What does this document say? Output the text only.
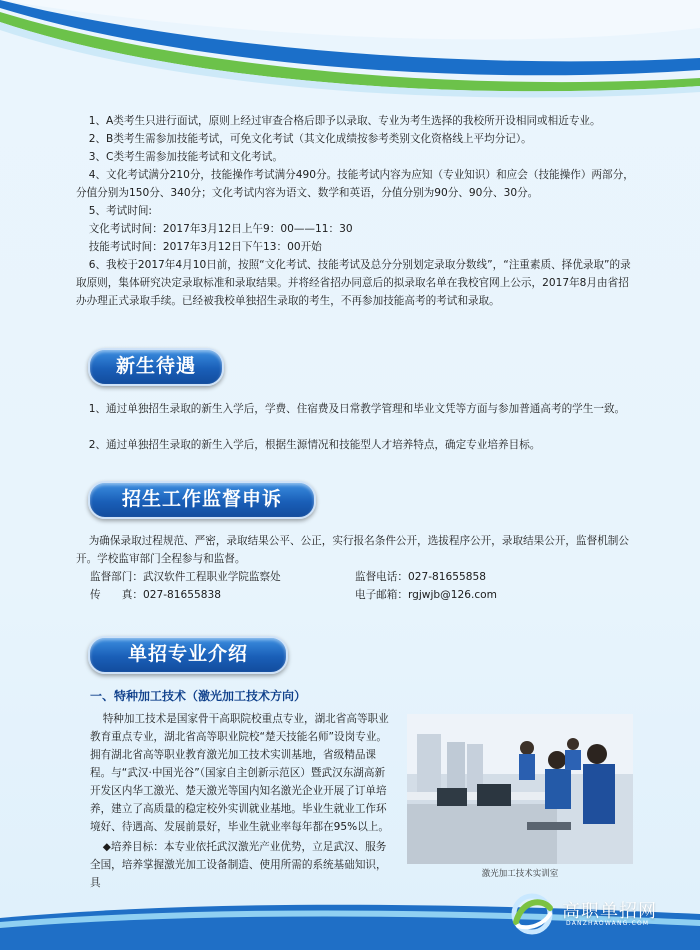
1、A类考生只进行面试，原则上经过审查合格后即予以录取、专业为考生选择的我校所开设相同或相近专业。
2、B类考生需参加技能考试，可免文化考试（其文化成绩按参考类别文化资格线上平均分记）。
3、C类考生需参加技能考试和文化考试。
4、文化考试满分210分，技能操作考试满分490分。技能考试内容为应知（专业知识）和应会（技能操作）两部分，分值分别为150分、340分；文化考试内容为语文、数学和英语，分值分别为90分、90分、30分。
5、考试时间:
文化考试时间：2017年3月12日上午9：00——11：30
技能考试时间：2017年3月12日下午13：00开始
6、我校于2017年4月10日前，按照“文化考试、技能考试及总分分别划定录取分数线”，“注重素质、择优录取”的录取原则，集体研究决定录取标准和录取结果。并将经省招办同意后的拟录取名单在我校官网上公示，2017年8月由省招办办理正式录取手续。已经被我校单独招生录取的考生，不再参加技能高考的考试和录取。
新生待遇
1、通过单独招生录取的新生入学后，学费、住宿费及日常教学管理和毕业文凭等方面与参加普通高考的学生一致。
2、通过单独招生录取的新生入学后，根据生源情况和技能型人才培养特点，确定专业培养目标。
招生工作监督申诉
为确保录取过程规范、严密，录取结果公平、公正，实行报名条件公开，选拔程序公开，录取结果公开，监督机制公开。学校监审部门全程参与和监督。
监督部门：武汉软件工程职业学院监察处	监督电话：027-81655858
传　　真：027-81655838	电子邮箱：rgjwjb@126.com
单招专业介绍
一、特种加工技术（激光加工技术方向）
特种加工技术是国家骨干高职院校重点专业，湖北省高等职业教育重点专业，湖北省高等职业院校“楚天技能名师”设岗专业。拥有湖北省高等职业教育激光加工技术实训基地，省级精品课程。与“武汉·中国光谷”（国家自主创新示范区）暨武汉东湖高新开发区内华工激光、楚天激光等国内知名激光企业开展了订单培养，建立了高质量的稳定校外实训就业基地。毕业生就业工作环境好、待遇高、发展前景好，毕业生就业率每年都在95%以上。
◆培养目标：本专业依托武汉激光产业优势，立足武汉、服务全国，培养掌握激光加工设备制造、使用所需的系统基础知识，具
激光加工技术实训室
高职单招网
DANZHAOWANG.COM
